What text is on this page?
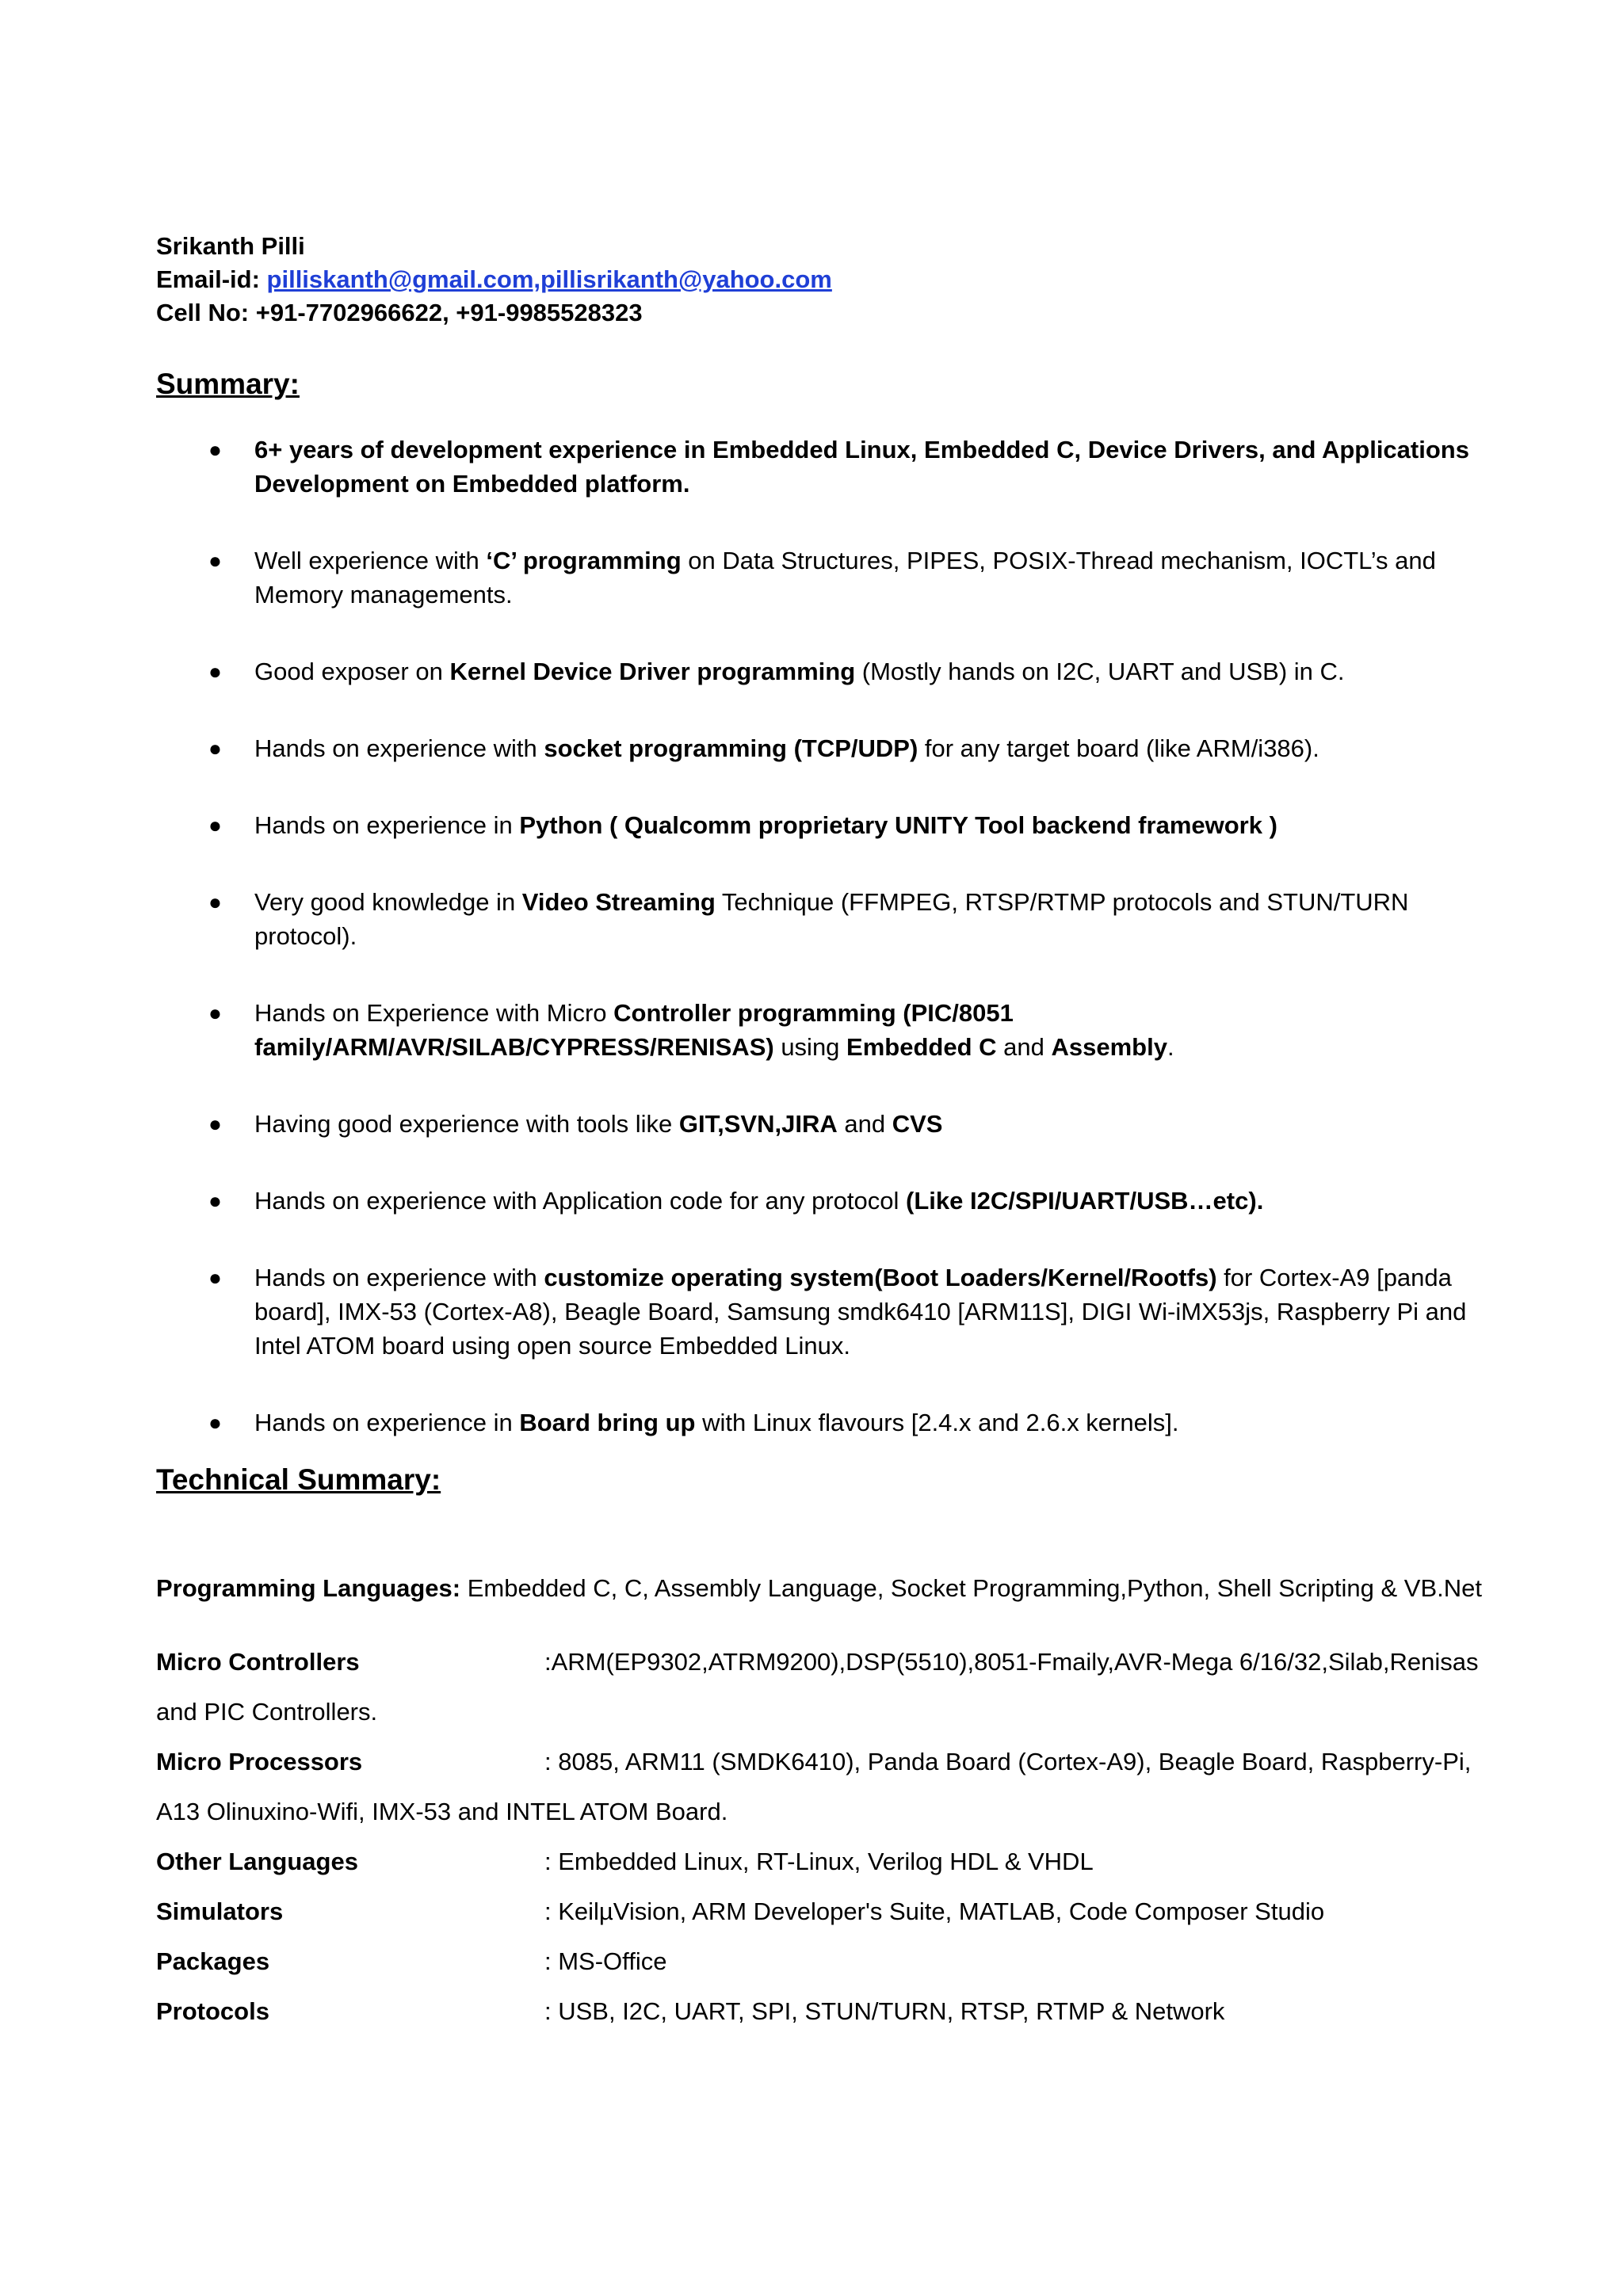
Srikanth Pilli
Email-id: pilliskanth@gmail.com,pillisrikanth@yahoo.com
Cell No: +91-7702966622, +91-9985528323
Summary:
● 6+ years of development experience in Embedded Linux, Embedded C, Device Drivers, and Applications Development on Embedded platform.
● Well experience with ‘C’ programming on Data Structures, PIPES, POSIX-Thread mechanism, IOCTL’s and Memory managements.
● Good exposer on Kernel Device Driver programming (Mostly hands on I2C, UART and USB) in C.
● Hands on experience with socket programming (TCP/UDP) for any target board (like ARM/i386).
● Hands on experience in Python ( Qualcomm proprietary UNITY Tool backend framework )
● Very good knowledge in Video Streaming Technique (FFMPEG, RTSP/RTMP protocols and STUN/TURN protocol).
● Hands on Experience with Micro Controller programming (PIC/8051 family/ARM/AVR/SILAB/CYPRESS/RENISAS) using Embedded C and Assembly.
● Having good experience with tools like GIT,SVN,JIRA and CVS
● Hands on experience with Application code for any protocol (Like I2C/SPI/UART/USB…etc).
● Hands on experience with customize operating system(Boot Loaders/Kernel/Rootfs) for Cortex-A9 [panda board], IMX-53 (Cortex-A8), Beagle Board, Samsung smdk6410 [ARM11S], DIGI Wi-iMX53js, Raspberry Pi and Intel ATOM board using open source Embedded Linux.
● Hands on experience in Board bring up with Linux flavours [2.4.x and 2.6.x kernels].
Technical Summary:
Programming Languages: Embedded C, C, Assembly Language, Socket Programming,Python, Shell Scripting & VB.Net
Micro Controllers	:ARM(EP9302,ATRM9200),DSP(5510),8051-Fmaily,AVR-Mega 6/16/32,Silab,Renisas
and PIC Controllers.
Micro Processors	: 8085, ARM11 (SMDK6410), Panda Board (Cortex-A9), Beagle Board, Raspberry-Pi,
A13 Olinuxino-Wifi, IMX-53 and INTEL ATOM Board.
Other Languages	: Embedded Linux, RT-Linux, Verilog HDL & VHDL
Simulators	: KeilµVision, ARM Developer's Suite, MATLAB, Code Composer Studio
Packages	: MS-Office
Protocols	: USB, I2C, UART, SPI, STUN/TURN, RTSP, RTMP & Network
